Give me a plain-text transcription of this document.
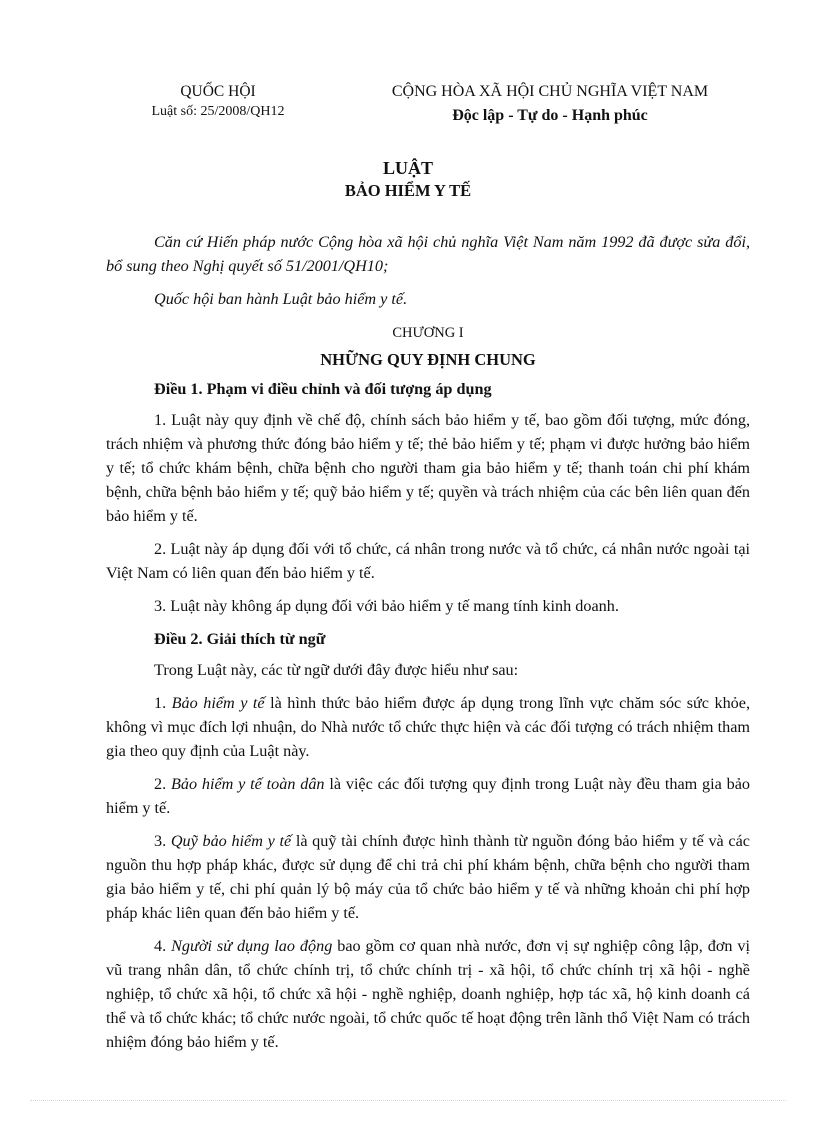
QUỐC HỘI
Luật số: 25/2008/QH12
CỘNG HÒA XÃ HỘI CHỦ NGHĨA VIỆT NAM
Độc lập - Tự do - Hạnh phúc
LUẬT
BẢO HIỂM Y TẾ

Căn cứ Hiến pháp nước Cộng hòa xã hội chủ nghĩa Việt Nam năm 1992 đã được sửa đổi, bổ sung theo Nghị quyết số 51/2001/QH10;

Quốc hội ban hành Luật bảo hiểm y tế.

CHƯƠNG I

NHỮNG QUY ĐỊNH CHUNG

Điều 1. Phạm vi điều chỉnh và đối tượng áp dụng

1. Luật này quy định về chế độ, chính sách bảo hiểm y tế, bao gồm đối tượng, mức đóng, trách nhiệm và phương thức đóng bảo hiểm y tế; thẻ bảo hiểm y tế; phạm vi được hưởng bảo hiểm y tế; tổ chức khám bệnh, chữa bệnh cho người tham gia bảo hiểm y tế; thanh toán chi phí khám bệnh, chữa bệnh bảo hiểm y tế; quỹ bảo hiểm y tế; quyền và trách nhiệm của các bên liên quan đến bảo hiểm y tế.

2. Luật này áp dụng đối với tổ chức, cá nhân trong nước và tổ chức, cá nhân nước ngoài tại Việt Nam có liên quan đến bảo hiểm y tế.

3. Luật này không áp dụng đối với bảo hiểm y tế mang tính kinh doanh.

Điều 2. Giải thích từ ngữ

Trong Luật này, các từ ngữ dưới đây được hiểu như sau:

1. Bảo hiểm y tế là hình thức bảo hiểm được áp dụng trong lĩnh vực chăm sóc sức khỏe, không vì mục đích lợi nhuận, do Nhà nước tổ chức thực hiện và các đối tượng có trách nhiệm tham gia theo quy định của Luật này.

2. Bảo hiểm y tế toàn dân là việc các đối tượng quy định trong Luật này đều tham gia bảo hiểm y tế.

3. Quỹ bảo hiểm y tế là quỹ tài chính được hình thành từ nguồn đóng bảo hiểm y tế và các nguồn thu hợp pháp khác, được sử dụng để chi trả chi phí khám bệnh, chữa bệnh cho người tham gia bảo hiểm y tế, chi phí quản lý bộ máy của tổ chức bảo hiểm y tế và những khoản chi phí hợp pháp khác liên quan đến bảo hiểm y tế.

4. Người sử dụng lao động bao gồm cơ quan nhà nước, đơn vị sự nghiệp công lập, đơn vị vũ trang nhân dân, tổ chức chính trị, tổ chức chính trị - xã hội, tổ chức chính trị xã hội - nghề nghiệp, tổ chức xã hội, tổ chức xã hội - nghề nghiệp, doanh nghiệp, hợp tác xã, hộ kinh doanh cá thể và tổ chức khác; tổ chức nước ngoài, tổ chức quốc tế hoạt động trên lãnh thổ Việt Nam có trách nhiệm đóng bảo hiểm y tế.
